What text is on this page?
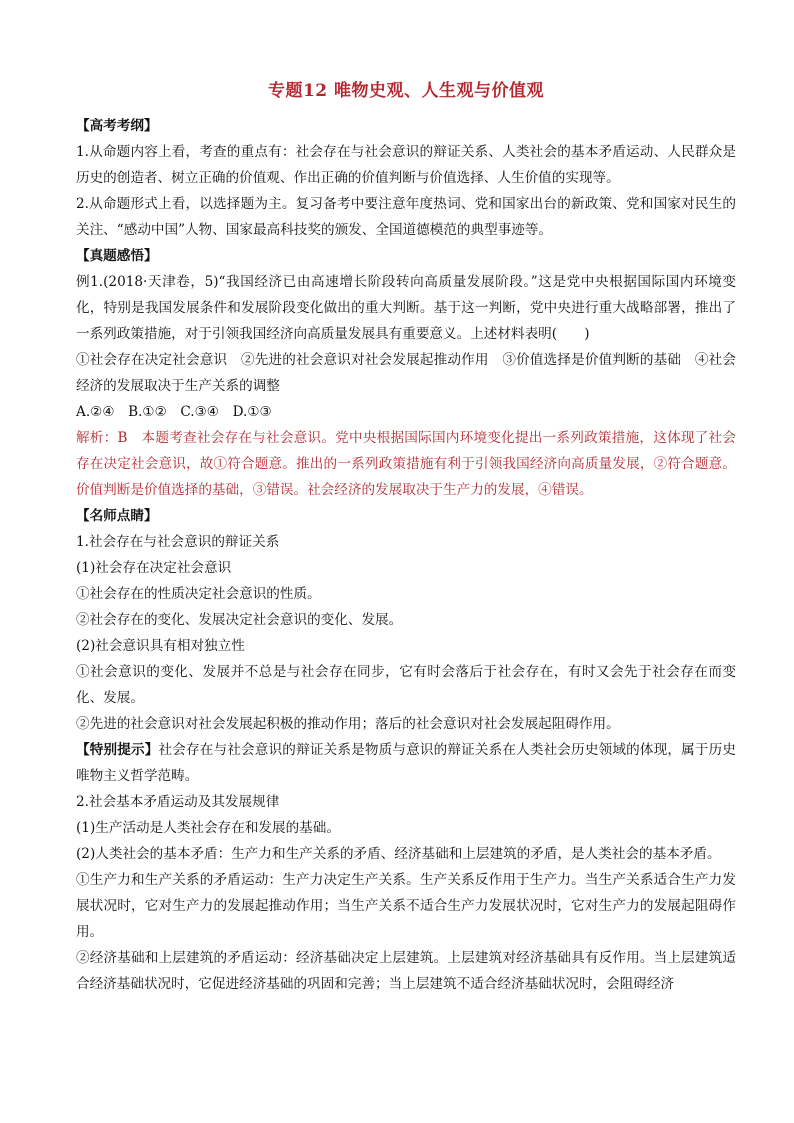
专题12 唯物史观、人生观与价值观

【高考考纲】

1.从命题内容上看，考查的重点有：社会存在与社会意识的辩证关系、人类社会的基本矛盾运动、人民群众是历史的创造者、树立正确的价值观、作出正确的价值判断与价值选择、人生价值的实现等。

2.从命题形式上看，以选择题为主。复习备考中要注意年度热词、党和国家出台的新政策、党和国家对民生的关注、“感动中国”人物、国家最高科技奖的颁发、全国道德模范的典型事迹等。

【真题感悟】

例1.(2018·天津卷，5)“我国经济已由高速增长阶段转向高质量发展阶段。”这是党中央根据国际国内环境变化，特别是我国发展条件和发展阶段变化做出的重大判断。基于这一判断，党中央进行重大战略部署，推出了一系列政策措施，对于引领我国经济向高质量发展具有重要意义。上述材料表明(　　)

①社会存在决定社会意识　②先进的社会意识对社会发展起推动作用　③价值选择是价值判断的基础　④社会经济的发展取决于生产关系的调整

A.②④　B.①②　C.③④　D.①③

解析：B　本题考查社会存在与社会意识。党中央根据国际国内环境变化提出一系列政策措施，这体现了社会存在决定社会意识，故①符合题意。推出的一系列政策措施有利于引领我国经济向高质量发展，②符合题意。价值判断是价值选择的基础，③错误。社会经济的发展取决于生产力的发展，④错误。

【名师点睛】

1.社会存在与社会意识的辩证关系

(1)社会存在决定社会意识

①社会存在的性质决定社会意识的性质。

②社会存在的变化、发展决定社会意识的变化、发展。

(2)社会意识具有相对独立性

①社会意识的变化、发展并不总是与社会存在同步，它有时会落后于社会存在，有时又会先于社会存在而变化、发展。

②先进的社会意识对社会发展起积极的推动作用；落后的社会意识对社会发展起阻碍作用。

【特别提示】社会存在与社会意识的辩证关系是物质与意识的辩证关系在人类社会历史领域的体现，属于历史唯物主义哲学范畴。

2.社会基本矛盾运动及其发展规律

(1)生产活动是人类社会存在和发展的基础。

(2)人类社会的基本矛盾：生产力和生产关系的矛盾、经济基础和上层建筑的矛盾，是人类社会的基本矛盾。

①生产力和生产关系的矛盾运动：生产力决定生产关系。生产关系反作用于生产力。当生产关系适合生产力发展状况时，它对生产力的发展起推动作用；当生产关系不适合生产力发展状况时，它对生产力的发展起阻碍作用。

②经济基础和上层建筑的矛盾运动：经济基础决定上层建筑。上层建筑对经济基础具有反作用。当上层建筑适合经济基础状况时，它促进经济基础的巩固和完善；当上层建筑不适合经济基础状况时，会阻碍经济
